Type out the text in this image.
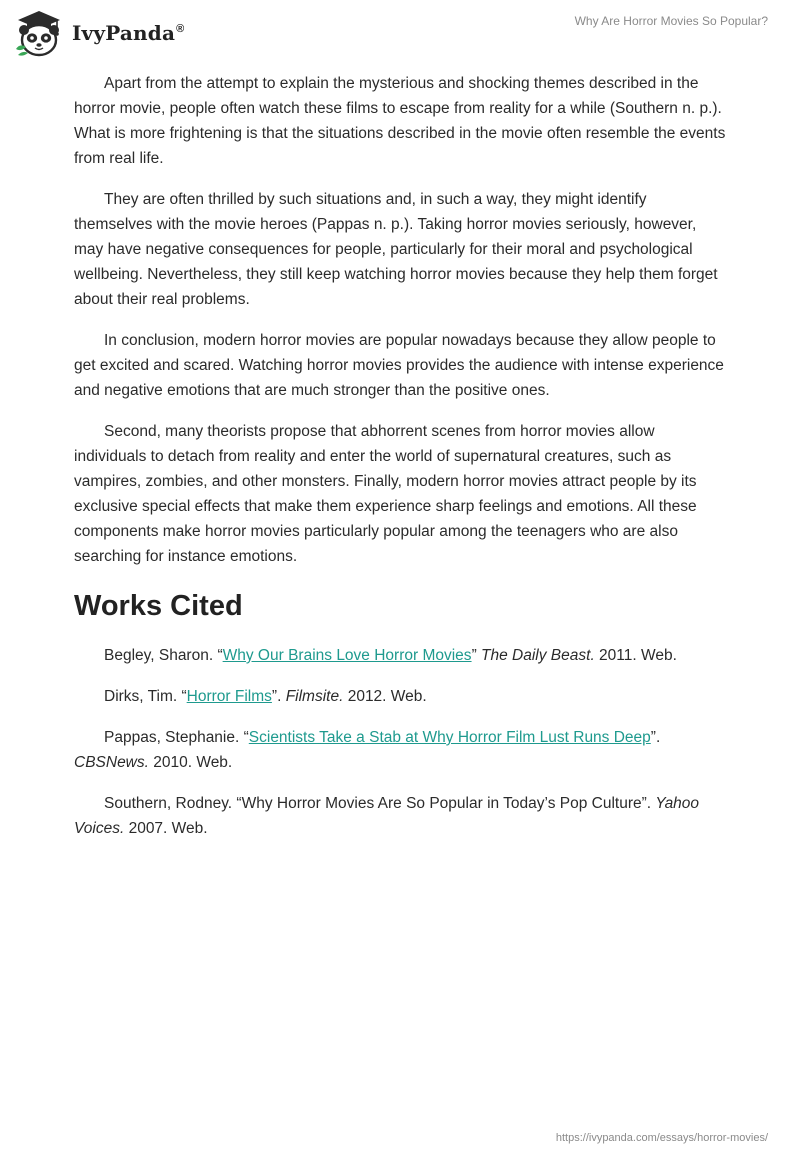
IvyPanda®
Why Are Horror Movies So Popular?

Apart from the attempt to explain the mysterious and shocking themes described in the horror movie, people often watch these films to escape from reality for a while (Southern n. p.). What is more frightening is that the situations described in the movie often resemble the events from real life.

They are often thrilled by such situations and, in such a way, they might identify themselves with the movie heroes (Pappas n. p.). Taking horror movies seriously, however, may have negative consequences for people, particularly for their moral and psychological wellbeing. Nevertheless, they still keep watching horror movies because they help them forget about their real problems.

In conclusion, modern horror movies are popular nowadays because they allow people to get excited and scared. Watching horror movies provides the audience with intense experience and negative emotions that are much stronger than the positive ones.

Second, many theorists propose that abhorrent scenes from horror movies allow individuals to detach from reality and enter the world of supernatural creatures, such as vampires, zombies, and other monsters. Finally, modern horror movies attract people by its exclusive special effects that make them experience sharp feelings and emotions. All these components make horror movies particularly popular among the teenagers who are also searching for instance emotions.

Works Cited

Begley, Sharon. “Why Our Brains Love Horror Movies” The Daily Beast. 2011. Web.

Dirks, Tim. “Horror Films”. Filmsite. 2012. Web.

Pappas, Stephanie. “Scientists Take a Stab at Why Horror Film Lust Runs Deep”. CBSNews. 2010. Web.

Southern, Rodney. “Why Horror Movies Are So Popular in Today’s Pop Culture”. Yahoo Voices. 2007. Web.

https://ivypanda.com/essays/horror-movies/
